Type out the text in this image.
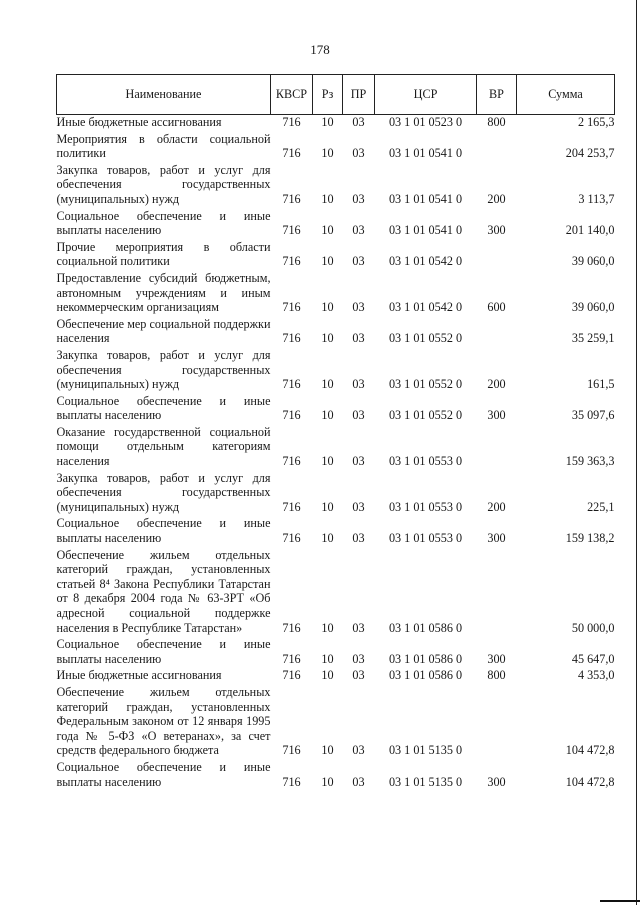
178
Наименование	КВСР	Рз	ПР	ЦСР	ВР	Сумма

Иные бюджетные ассигнования	716	10	03	03 1 01 0523 0	800	2 165,3

Мероприятия в области социальной политики	716	10	03	03 1 01 0541 0		204 253,7

Закупка товаров, работ и услуг для обеспечения государственных (муниципальных) нужд	716	10	03	03 1 01 0541 0	200	3 113,7

Социальное обеспечение и иные выплаты населению	716	10	03	03 1 01 0541 0	300	201 140,0

Прочие мероприятия в области социальной политики	716	10	03	03 1 01 0542 0		39 060,0

Предоставление субсидий бюджетным, автономным учреждениям и иным некоммерческим организациям	716	10	03	03 1 01 0542 0	600	39 060,0

Обеспечение мер социальной поддержки населения	716	10	03	03 1 01 0552 0		35 259,1

Закупка товаров, работ и услуг для обеспечения государственных (муниципальных) нужд	716	10	03	03 1 01 0552 0	200	161,5

Социальное обеспечение и иные выплаты населению	716	10	03	03 1 01 0552 0	300	35 097,6

Оказание государственной социальной помощи отдельным категориям населения	716	10	03	03 1 01 0553 0		159 363,3

Закупка товаров, работ и услуг для обеспечения государственных (муниципальных) нужд	716	10	03	03 1 01 0553 0	200	225,1

Социальное обеспечение и иные выплаты населению	716	10	03	03 1 01 0553 0	300	159 138,2

Обеспечение жильем отдельных категорий граждан, установленных статьей 8⁴ Закона Республики Татарстан от 8 декабря 2004 года № 63-ЗРТ «Об адресной социальной поддержке населения в Республике Татарстан»	716	10	03	03 1 01 0586 0		50 000,0

Социальное обеспечение и иные выплаты населению	716	10	03	03 1 01 0586 0	300	45 647,0

Иные бюджетные ассигнования	716	10	03	03 1 01 0586 0	800	4 353,0

Обеспечение жильем отдельных категорий граждан, установленных Федеральным законом от 12 января 1995 года № 5-ФЗ «О ветеранах», за счет средств федерального бюджета	716	10	03	03 1 01 5135 0		104 472,8

Социальное обеспечение и иные выплаты населению	716	10	03	03 1 01 5135 0	300	104 472,8
